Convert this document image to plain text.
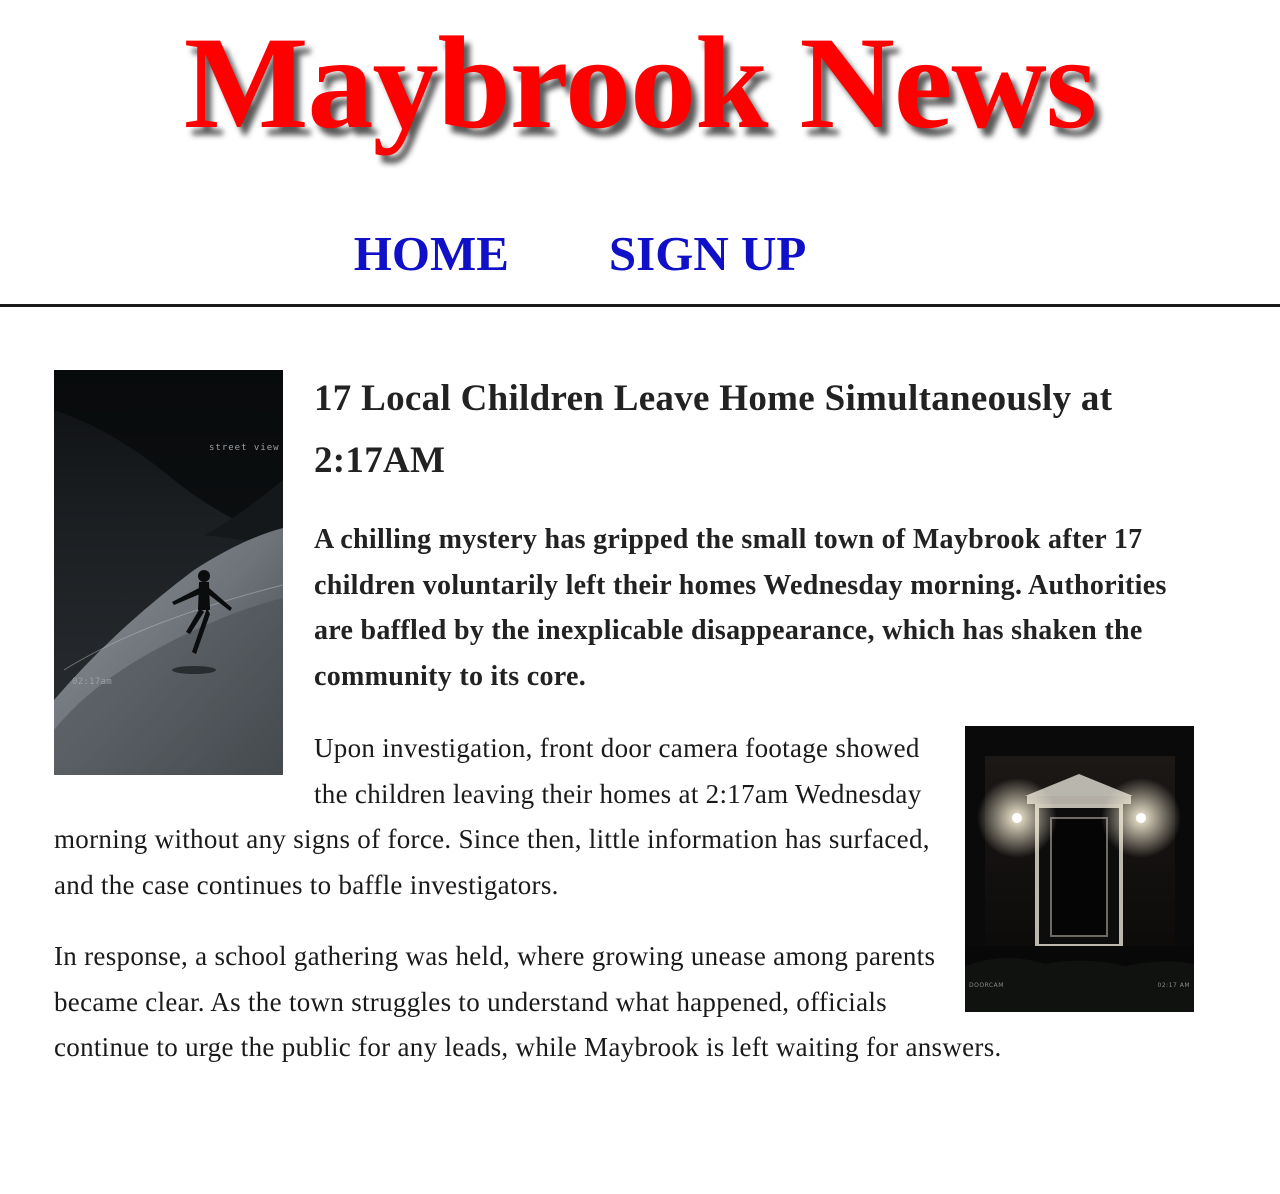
Maybrook News
HOME SIGN UP
street view
02:17am
17 Local Children Leave Home Simultaneously at 2:17AM

A chilling mystery has gripped the small town of Maybrook after 17 children voluntarily left their homes Wednesday morning. Authorities are baffled by the inexplicable disappearance, which has shaken the community to its core.

DOORCAM	02:17 AM

Upon investigation, front door camera footage showed the children leaving their homes at 2:17am Wednesday morning without any signs of force. Since then, little information has surfaced, and the case continues to baffle investigators.

In response, a school gathering was held, where growing unease among parents became clear. As the town struggles to understand what happened, officials continue to urge the public for any leads, while Maybrook is left waiting for answers.
